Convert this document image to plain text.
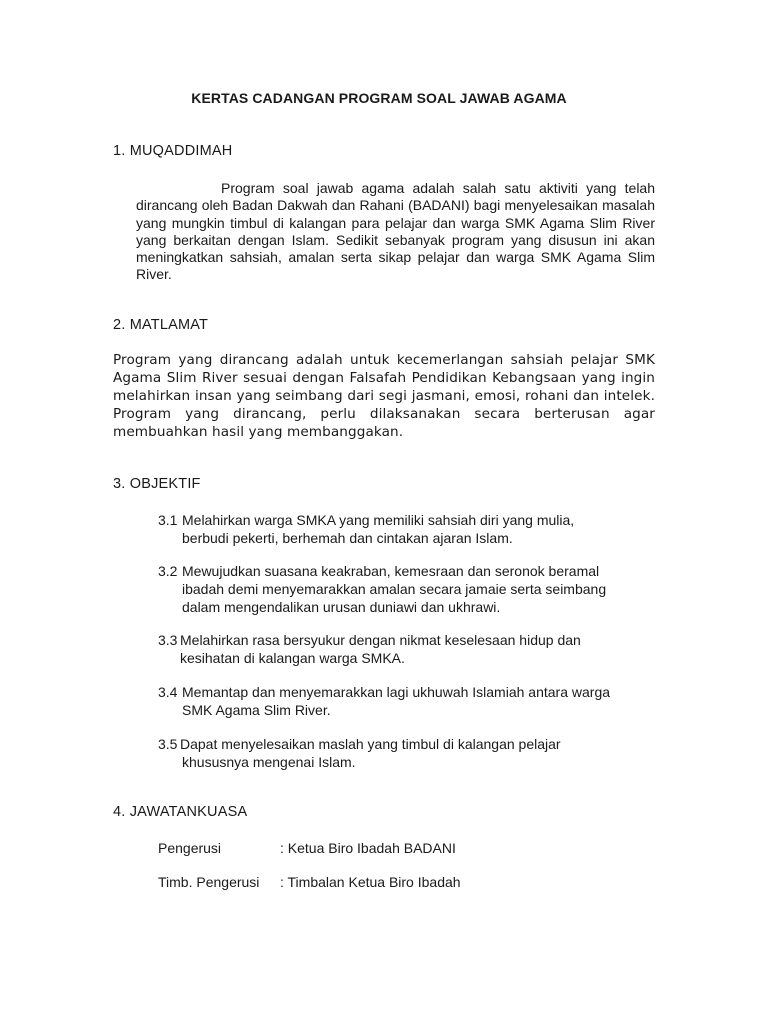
KERTAS CADANGAN PROGRAM SOAL JAWAB AGAMA
1. MUQADDIMAH
Program soal jawab agama adalah salah satu aktiviti yang telah dirancang oleh Badan Dakwah dan Rahani (BADANI) bagi menyelesaikan masalah yang mungkin timbul di kalangan para pelajar dan warga SMK Agama Slim River yang berkaitan dengan Islam. Sedikit sebanyak program yang disusun ini akan meningkatkan sahsiah, amalan serta sikap pelajar dan warga SMK Agama Slim River.
2. MATLAMAT
Program yang dirancang adalah untuk kecemerlangan sahsiah pelajar SMK Agama Slim River sesuai dengan Falsafah Pendidikan Kebangsaan yang ingin melahirkan insan yang seimbang dari segi jasmani, emosi, rohani dan intelek. Program yang dirancang, perlu dilaksanakan secara berterusan agar membuahkan hasil yang membanggakan.
3. OBJEKTIF
3.1 Melahirkan warga SMKA yang memiliki sahsiah diri yang mulia,
berbudi pekerti, berhemah dan cintakan ajaran Islam.
3.2 Mewujudkan suasana keakraban, kemesraan dan seronok beramal
ibadah demi menyemarakkan amalan secara jamaie serta seimbang
dalam mengendalikan urusan duniawi dan ukhrawi.
3.3 Melahirkan rasa bersyukur dengan nikmat keselesaan hidup dan
kesihatan di kalangan warga SMKA.
3.4 Memantap dan menyemarakkan lagi ukhuwah Islamiah antara warga
SMK Agama Slim River.
3.5 Dapat menyelesaikan maslah yang timbul di kalangan pelajar
khususnya mengenai Islam.
4. JAWATANKUASA
Pengerusi	: Ketua Biro Ibadah BADANI
Timb. Pengerusi : Timbalan Ketua Biro Ibadah
